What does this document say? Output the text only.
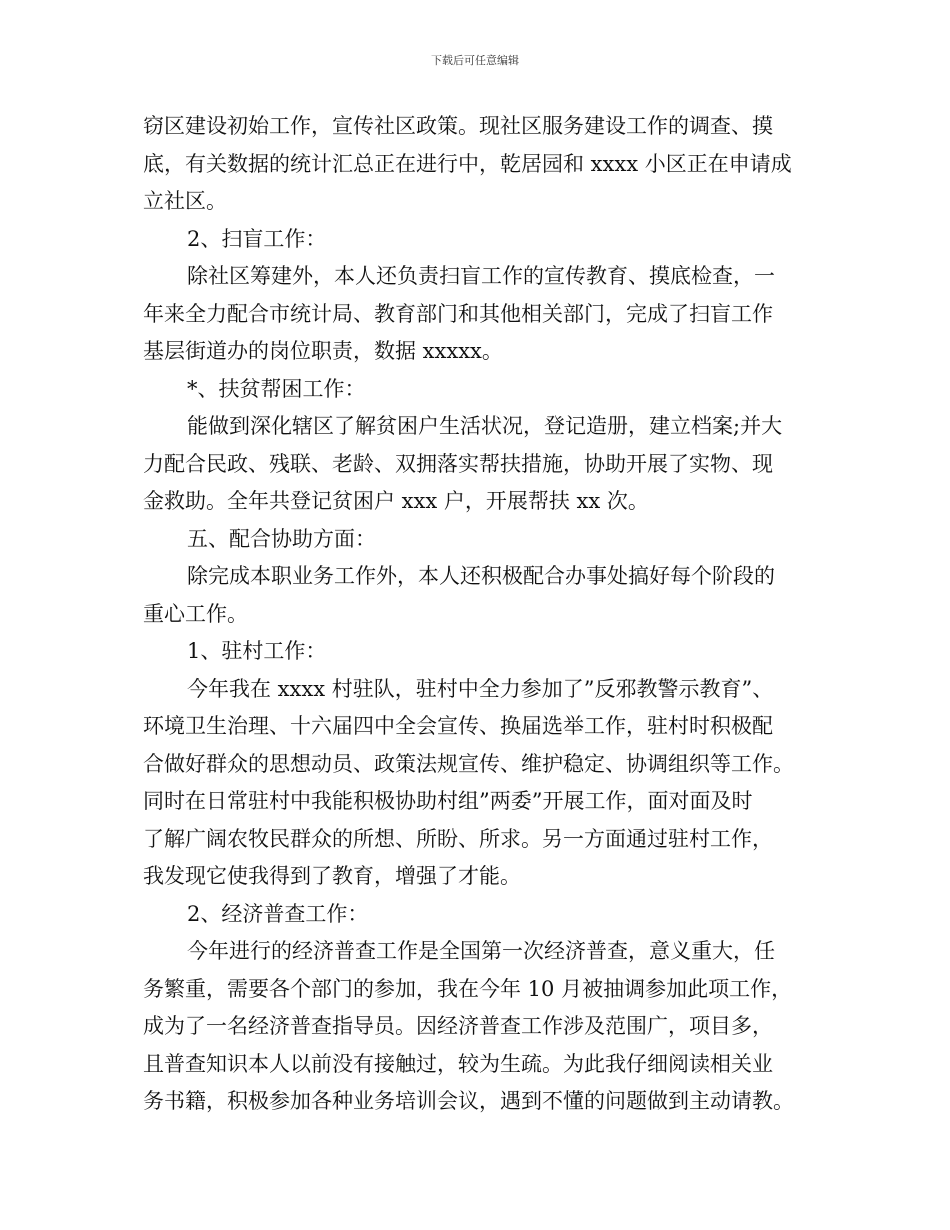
下载后可任意编辑
窃区建设初始工作，宣传社区政策。现社区服务建设工作的调查、摸
底，有关数据的统计汇总正在进行中，乾居园和 xxxx 小区正在申请成
立社区。
2、扫盲工作：
除社区筹建外，本人还负责扫盲工作的宣传教育、摸底检查，一
年来全力配合市统计局、教育部门和其他相关部门，完成了扫盲工作
基层街道办的岗位职责，数据 xxxxx。
*、扶贫帮困工作：
能做到深化辖区了解贫困户生活状况，登记造册，建立档案;并大
力配合民政、残联、老龄、双拥落实帮扶措施，协助开展了实物、现
金救助。全年共登记贫困户 xxx 户，开展帮扶 xx 次。
五、配合协助方面：
除完成本职业务工作外，本人还积极配合办事处搞好每个阶段的
重心工作。
1、驻村工作：
今年我在 xxxx 村驻队，驻村中全力参加了”反邪教警示教育”、
环境卫生治理、十六届四中全会宣传、换届选举工作，驻村时积极配
合做好群众的思想动员、政策法规宣传、维护稳定、协调组织等工作。
同时在日常驻村中我能积极协助村组”两委”开展工作，面对面及时
了解广阔农牧民群众的所想、所盼、所求。另一方面通过驻村工作，
我发现它使我得到了教育，增强了才能。
2、经济普查工作：
今年进行的经济普查工作是全国第一次经济普查，意义重大，任
务繁重，需要各个部门的参加，我在今年 10 月被抽调参加此项工作，
成为了一名经济普查指导员。因经济普查工作涉及范围广，项目多，
且普查知识本人以前没有接触过，较为生疏。为此我仔细阅读相关业
务书籍，积极参加各种业务培训会议，遇到不懂的问题做到主动请教。
